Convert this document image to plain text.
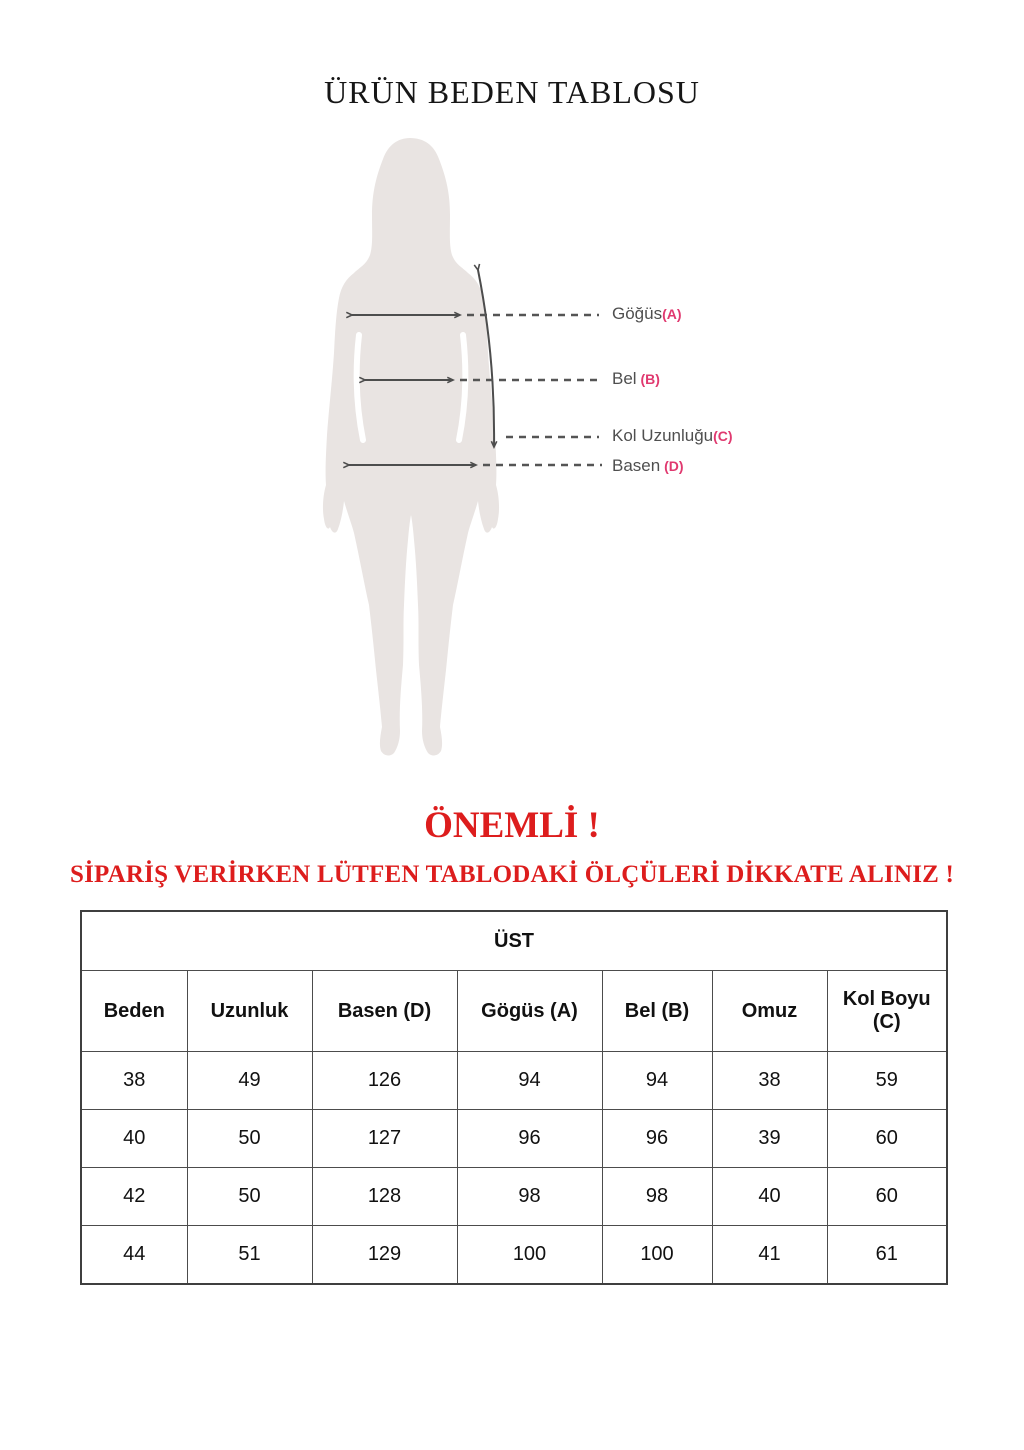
ÜRÜN BEDEN TABLOSU
Göğüs(A)
Bel (B)
Kol Uzunluğu(C)
Basen (D)
ÖNEMLİ !
SİPARİŞ VERİRKEN LÜTFEN TABLODAKİ ÖLÇÜLERİ DİKKATE ALINIZ !
ÜST						
Beden	Uzunluk	Basen (D)	Gögüs (A)	Bel (B)	Omuz	Kol Boyu (C)
38	49	126	94	94	38	59
40	50	127	96	96	39	60
42	50	128	98	98	40	60
44	51	129	100	100	41	61
